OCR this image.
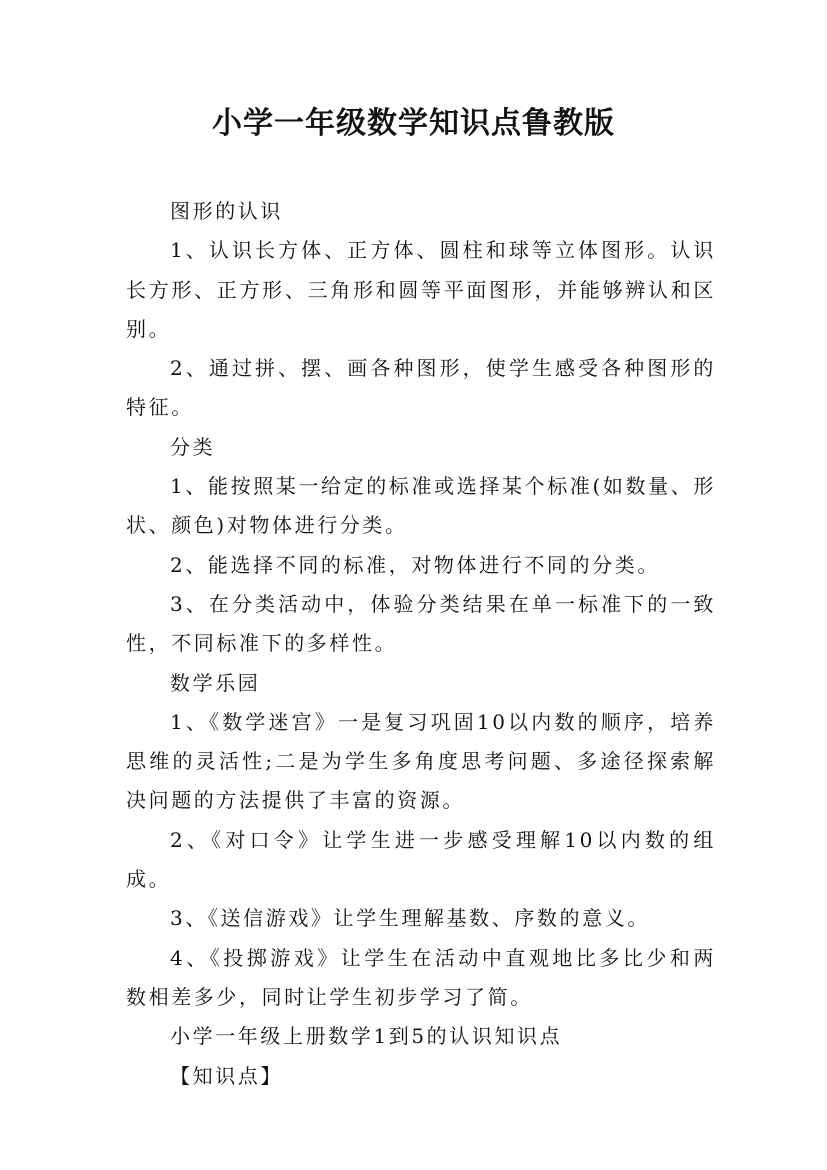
小学一年级数学知识点鲁教版

图形的认识

1、认识长方体、正方体、圆柱和球等立体图形。认识长方形、正方形、三角形和圆等平面图形，并能够辨认和区别。

2、通过拼、摆、画各种图形，使学生感受各种图形的特征。

分类

1、能按照某一给定的标准或选择某个标准(如数量、形状、颜色)对物体进行分类。

2、能选择不同的标准，对物体进行不同的分类。

3、在分类活动中，体验分类结果在单一标准下的一致性，不同标准下的多样性。

数学乐园

1、《数学迷宫》一是复习巩固10以内数的顺序，培养思维的灵活性;二是为学生多角度思考问题、多途径探索解决问题的方法提供了丰富的资源。

2、《对口令》让学生进一步感受理解10以内数的组成。

3、《送信游戏》让学生理解基数、序数的意义。

4、《投掷游戏》让学生在活动中直观地比多比少和两数相差多少，同时让学生初步学习了简。

小学一年级上册数学1到5的认识知识点

【知识点】
